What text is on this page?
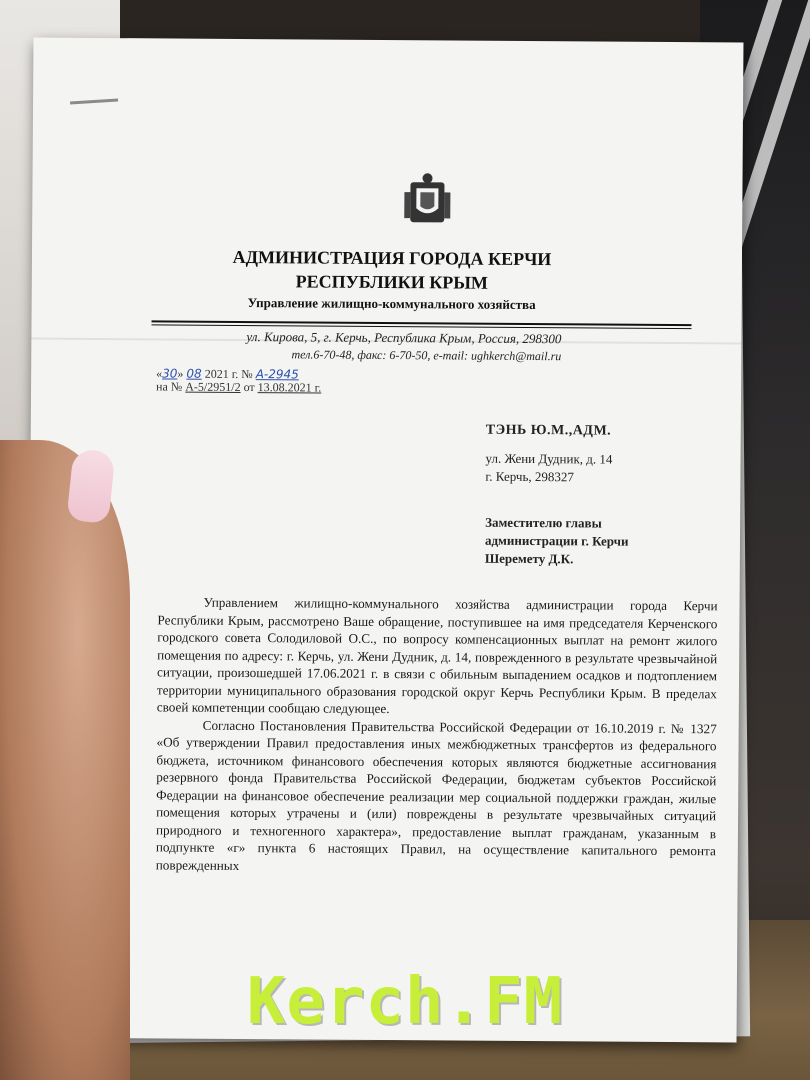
АДМИНИСТРАЦИЯ ГОРОДА КЕРЧИ
РЕСПУБЛИКИ КРЫМ
Управление жилищно-коммунального хозяйства
ул. Кирова, 5, г. Керчь, Республика Крым, Россия, 298300
тел.6-70-48, факс: 6-70-50, e-mail: ughkerch@mail.ru
«30» 08 2021 г. № А-2945
на № А-5/2951/2 от 13.08.2021 г.
ТЭНЬ Ю.М.,АДМ.
ул. Жени Дудник, д. 14
г. Керчь, 298327
Заместителю главы
администрации г. Керчи
Шеремету Д.К.

Управлением жилищно-коммунального хозяйства администрации города Керчи Республики Крым, рассмотрено Ваше обращение, поступившее на имя председателя Керченского городского совета Солодиловой О.С., по вопросу компенсационных выплат на ремонт жилого помещения по адресу: г. Керчь, ул. Жени Дудник, д. 14, поврежденного в результате чрезвычайной ситуации, произошедшей 17.06.2021 г. в связи с обильным выпадением осадков и подтоплением территории муниципального образования городской округ Керчь Республики Крым. В пределах своей компетенции сообщаю следующее.

Согласно Постановления Правительства Российской Федерации от 16.10.2019 г. № 1327 «Об утверждении Правил предоставления иных межбюджетных трансфертов из федерального бюджета, источником финансового обеспечения которых являются бюджетные ассигнования резервного фонда Правительства Российской Федерации, бюджетам субъектов Российской Федерации на финансовое обеспечение реализации мер социальной поддержки граждан, жилые помещения которых утрачены и (или) повреждены в результате чрезвычайных ситуаций природного и техногенного характера», предоставление выплат гражданам, указанным в подпункте «г» пункта 6 настоящих Правил, на осуществление капитального ремонта поврежденных

Kerch.FM
